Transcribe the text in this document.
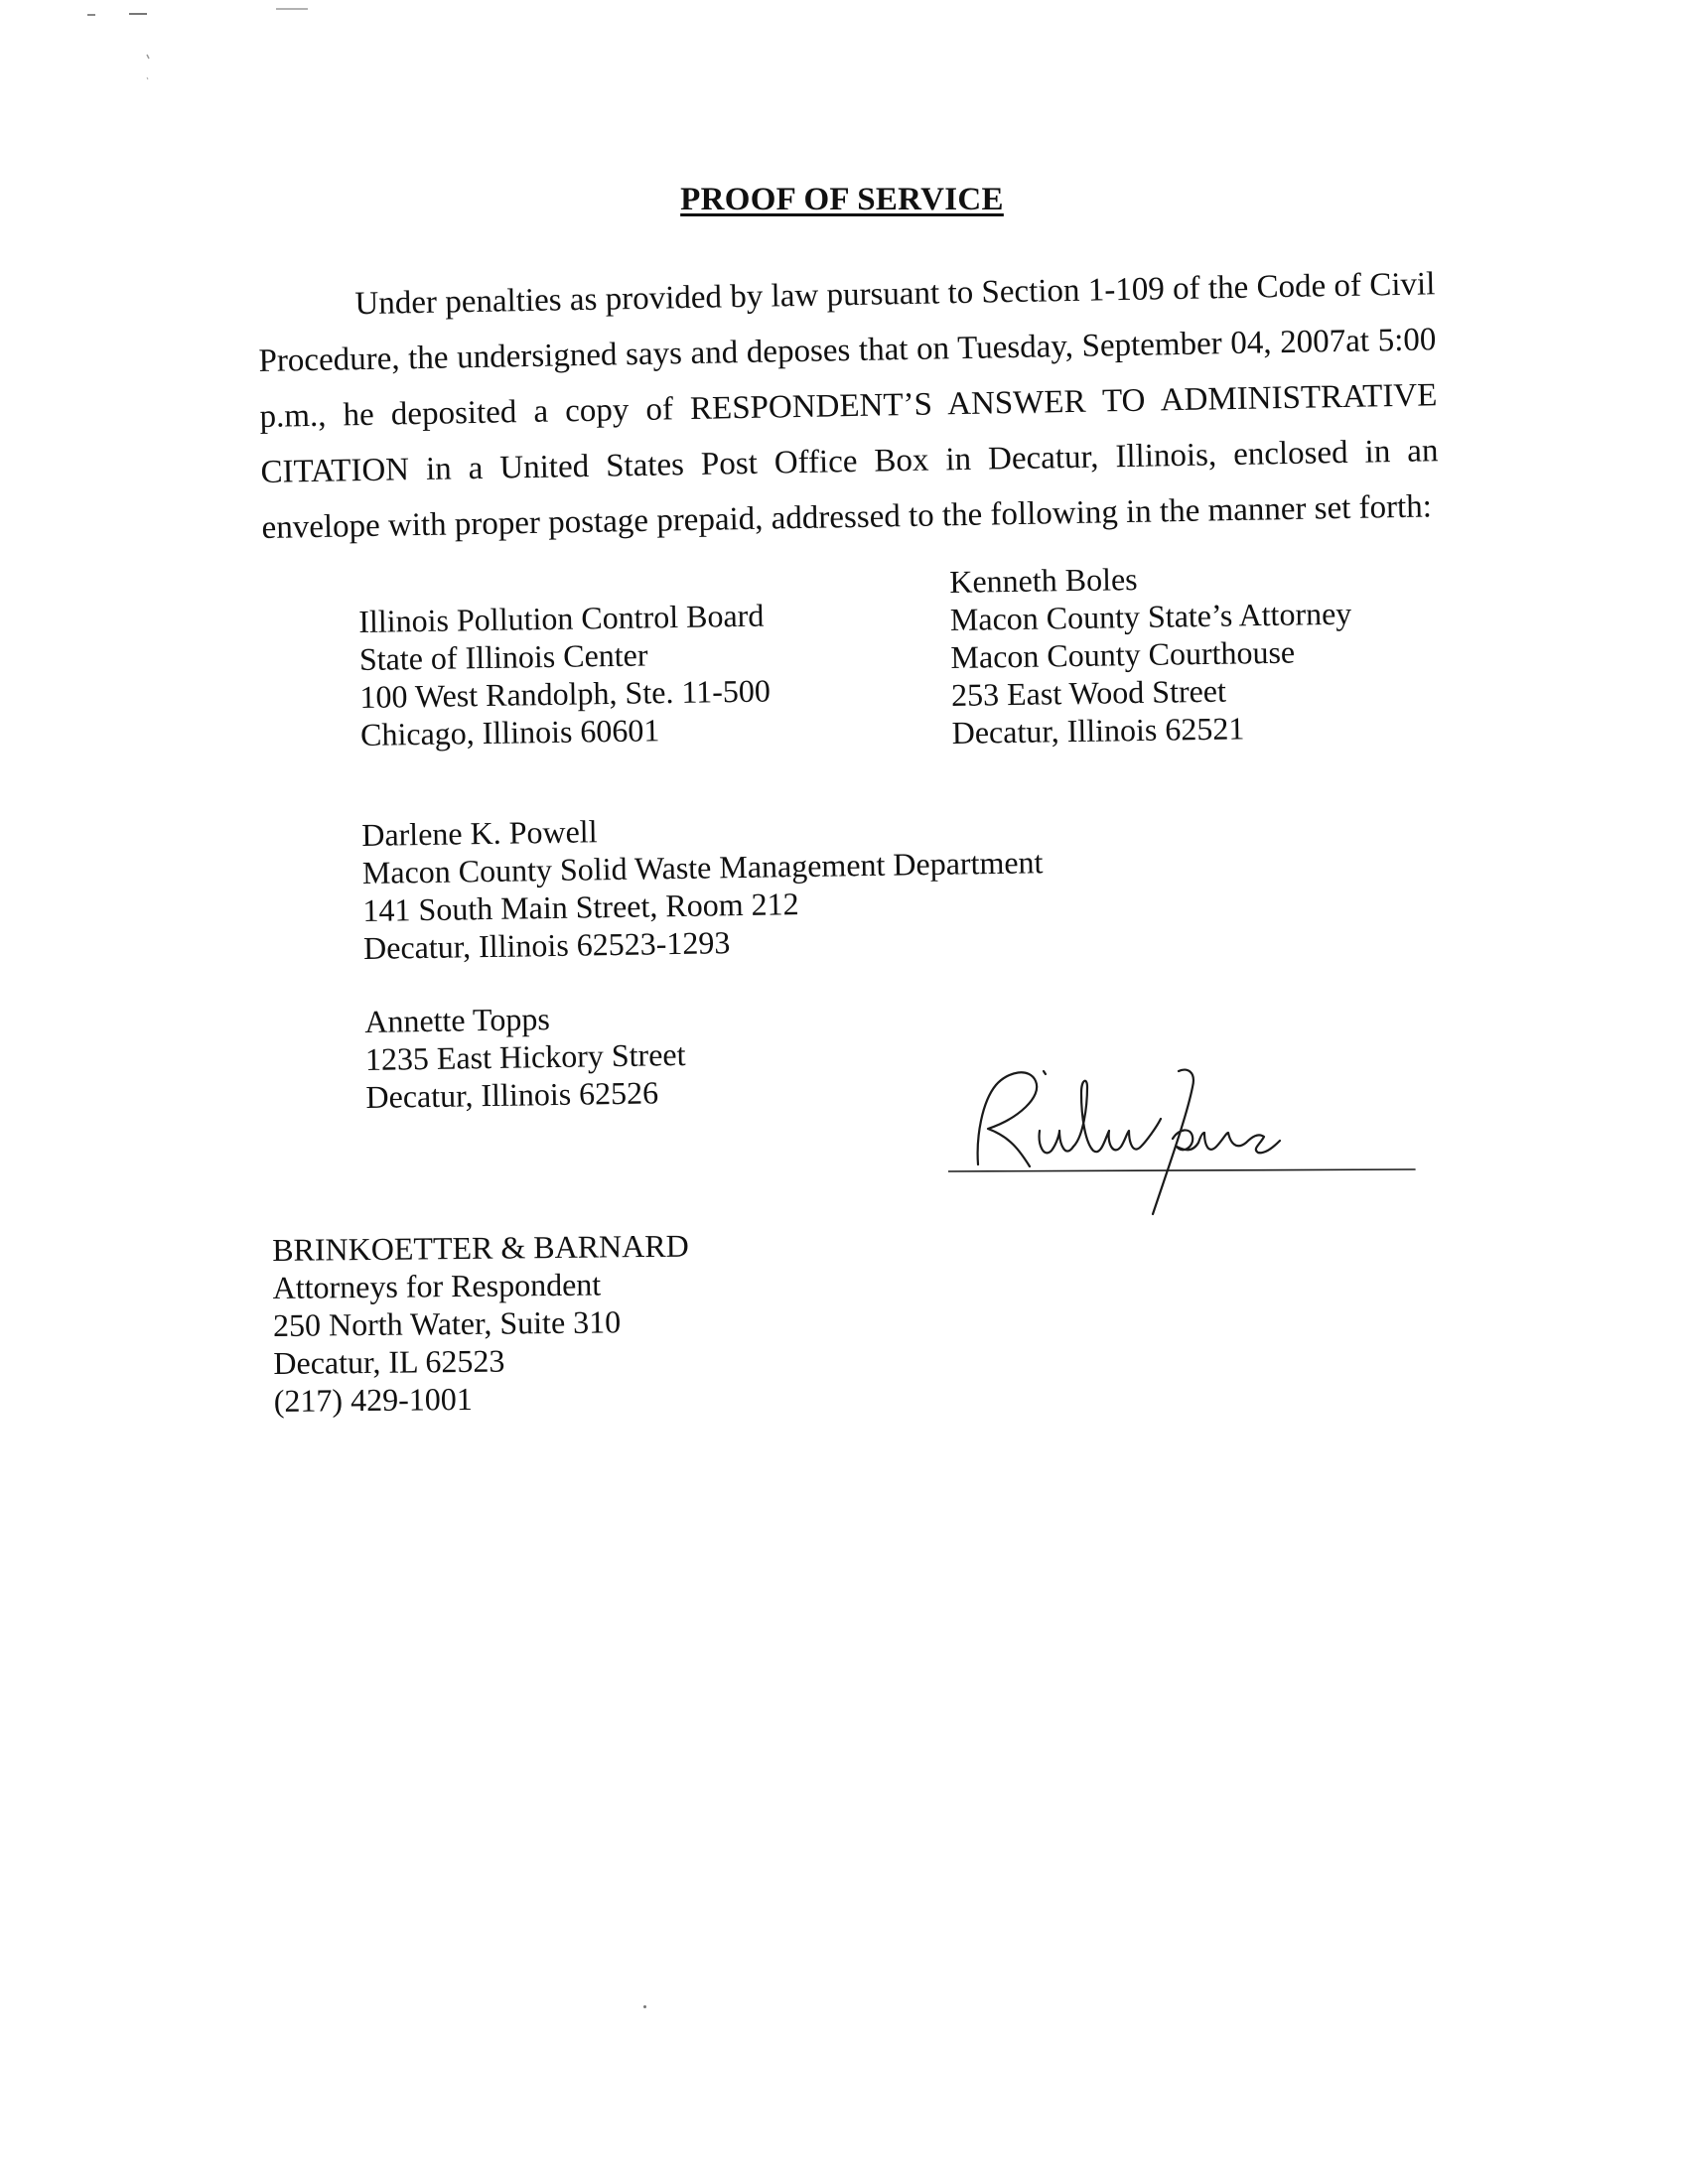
PROOF OF SERVICE

Under penalties as provided by law pursuant to Section 1-109 of the Code of Civil Procedure, the undersigned says and deposes that on Tuesday, September 04, 2007at 5:00 p.m., he deposited a copy of RESPONDENT’S ANSWER TO ADMINISTRATIVE CITATION in a United States Post Office Box in Decatur, Illinois, enclosed in an envelope with proper postage prepaid, addressed to the following in the manner set forth:

Illinois Pollution Control Board
State of Illinois Center
100 West Randolph, Ste. 11-500
Chicago, Illinois 60601
Kenneth Boles
Macon County State’s Attorney
Macon County Courthouse
253 East Wood Street
Decatur, Illinois 62521
Darlene K. Powell
Macon County Solid Waste Management Department
141 South Main Street, Room 212
Decatur, Illinois 62523-1293
Annette Topps
1235 East Hickory Street
Decatur, Illinois 62526
BRINKOETTER & BARNARD
Attorneys for Respondent
250 North Water, Suite 310
Decatur, IL 62523
(217) 429-1001
